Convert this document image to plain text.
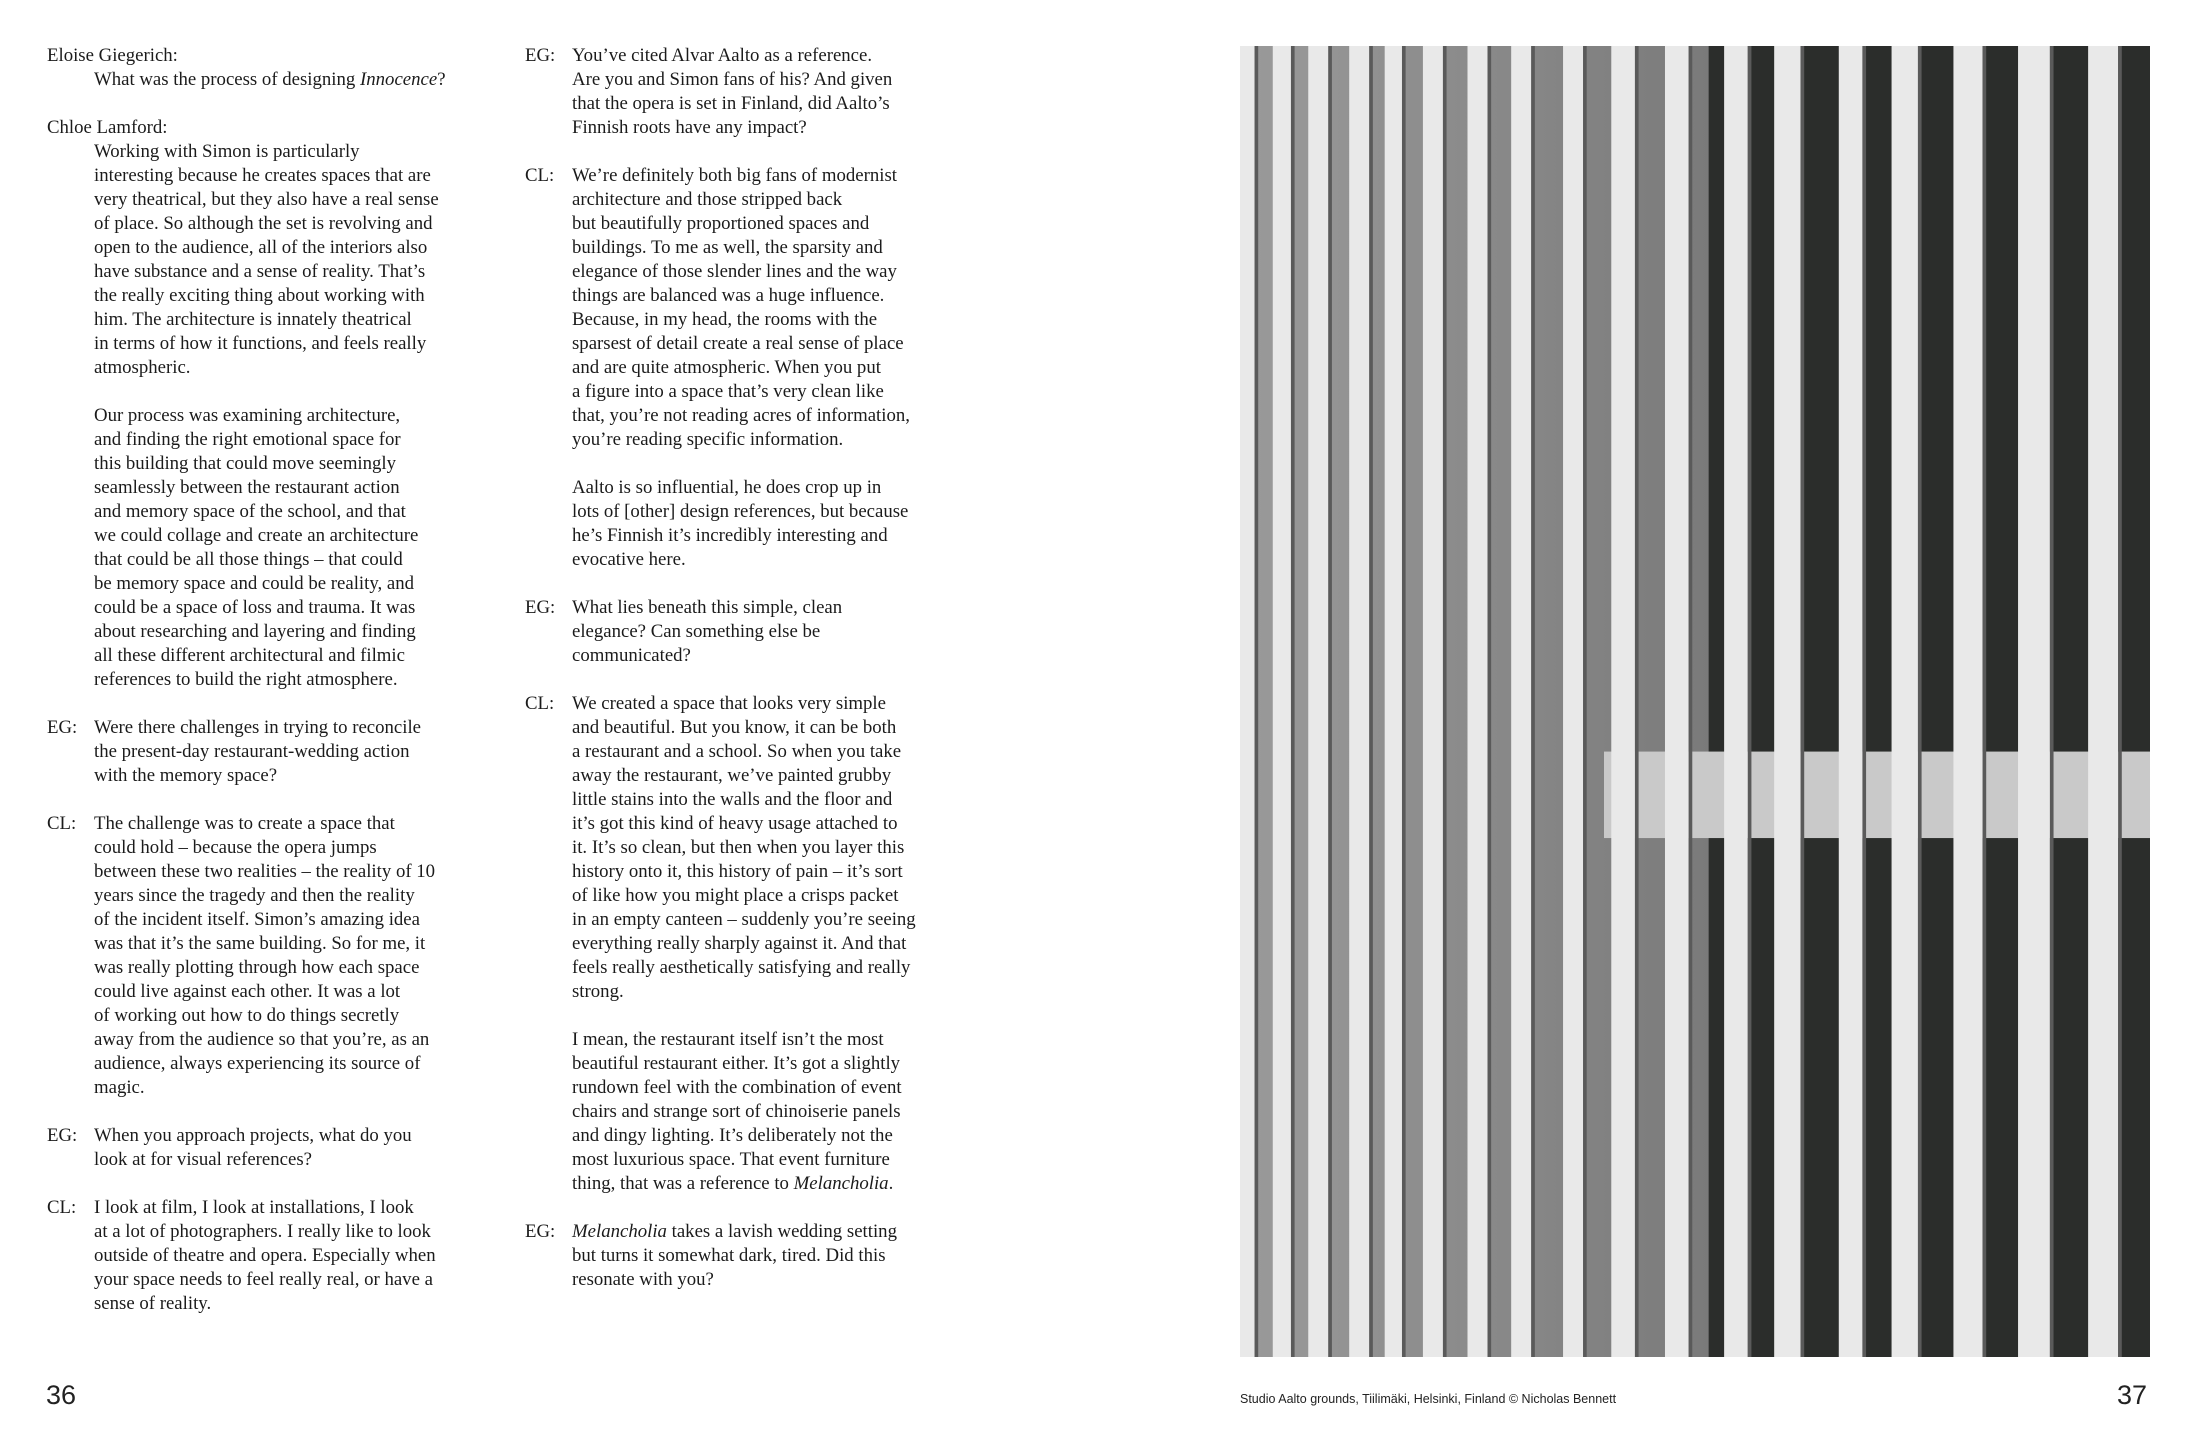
Eloise Giegerich:
What was the process of designing Innocence?
Chloe Lamford:
Working with Simon is particularly
interesting because he creates spaces that are
very theatrical, but they also have a real sense
of place. So although the set is revolving and
open to the audience, all of the interiors also
have substance and a sense of reality. That’s
the really exciting thing about working with
him. The architecture is innately theatrical
in terms of how it functions, and feels really
atmospheric.
Our process was examining architecture,
and finding the right emotional space for
this building that could move seemingly
seamlessly between the restaurant action
and memory space of the school, and that
we could collage and create an architecture
that could be all those things – that could
be memory space and could be reality, and
could be a space of loss and trauma. It was
about researching and layering and finding
all these different architectural and filmic
references to build the right atmosphere.
EG: Were there challenges in trying to reconcile
the present-day restaurant-wedding action
with the memory space?
CL: The challenge was to create a space that
could hold – because the opera jumps
between these two realities – the reality of 10
years since the tragedy and then the reality
of the incident itself. Simon’s amazing idea
was that it’s the same building. So for me, it
was really plotting through how each space
could live against each other. It was a lot
of working out how to do things secretly
away from the audience so that you’re, as an
audience, always experiencing its source of
magic.
EG: When you approach projects, what do you
look at for visual references?
CL: I look at film, I look at installations, I look
at a lot of photographers. I really like to look
outside of theatre and opera. Especially when
your space needs to feel really real, or have a
sense of reality.
EG: You’ve cited Alvar Aalto as a reference.
Are you and Simon fans of his? And given
that the opera is set in Finland, did Aalto’s
Finnish roots have any impact?
CL: We’re definitely both big fans of modernist
architecture and those stripped back
but beautifully proportioned spaces and
buildings. To me as well, the sparsity and
elegance of those slender lines and the way
things are balanced was a huge influence.
Because, in my head, the rooms with the
sparsest of detail create a real sense of place
and are quite atmospheric. When you put
a figure into a space that’s very clean like
that, you’re not reading acres of information,
you’re reading specific information.
Aalto is so influential, he does crop up in
lots of [other] design references, but because
he’s Finnish it’s incredibly interesting and
evocative here.
EG: What lies beneath this simple, clean
elegance? Can something else be
communicated?
CL: We created a space that looks very simple
and beautiful. But you know, it can be both
a restaurant and a school. So when you take
away the restaurant, we’ve painted grubby
little stains into the walls and the floor and
it’s got this kind of heavy usage attached to
it. It’s so clean, but then when you layer this
history onto it, this history of pain – it’s sort
of like how you might place a crisps packet
in an empty canteen – suddenly you’re seeing
everything really sharply against it. And that
feels really aesthetically satisfying and really
strong.
I mean, the restaurant itself isn’t the most
beautiful restaurant either. It’s got a slightly
rundown feel with the combination of event
chairs and strange sort of chinoiserie panels
and dingy lighting. It’s deliberately not the
most luxurious space. That event furniture
thing, that was a reference to Melancholia.
EG: Melancholia takes a lavish wedding setting
but turns it somewhat dark, tired. Did this
resonate with you?
36	Studio Aalto grounds, Tiilimäki, Helsinki, Finland © Nicholas Bennett	37
